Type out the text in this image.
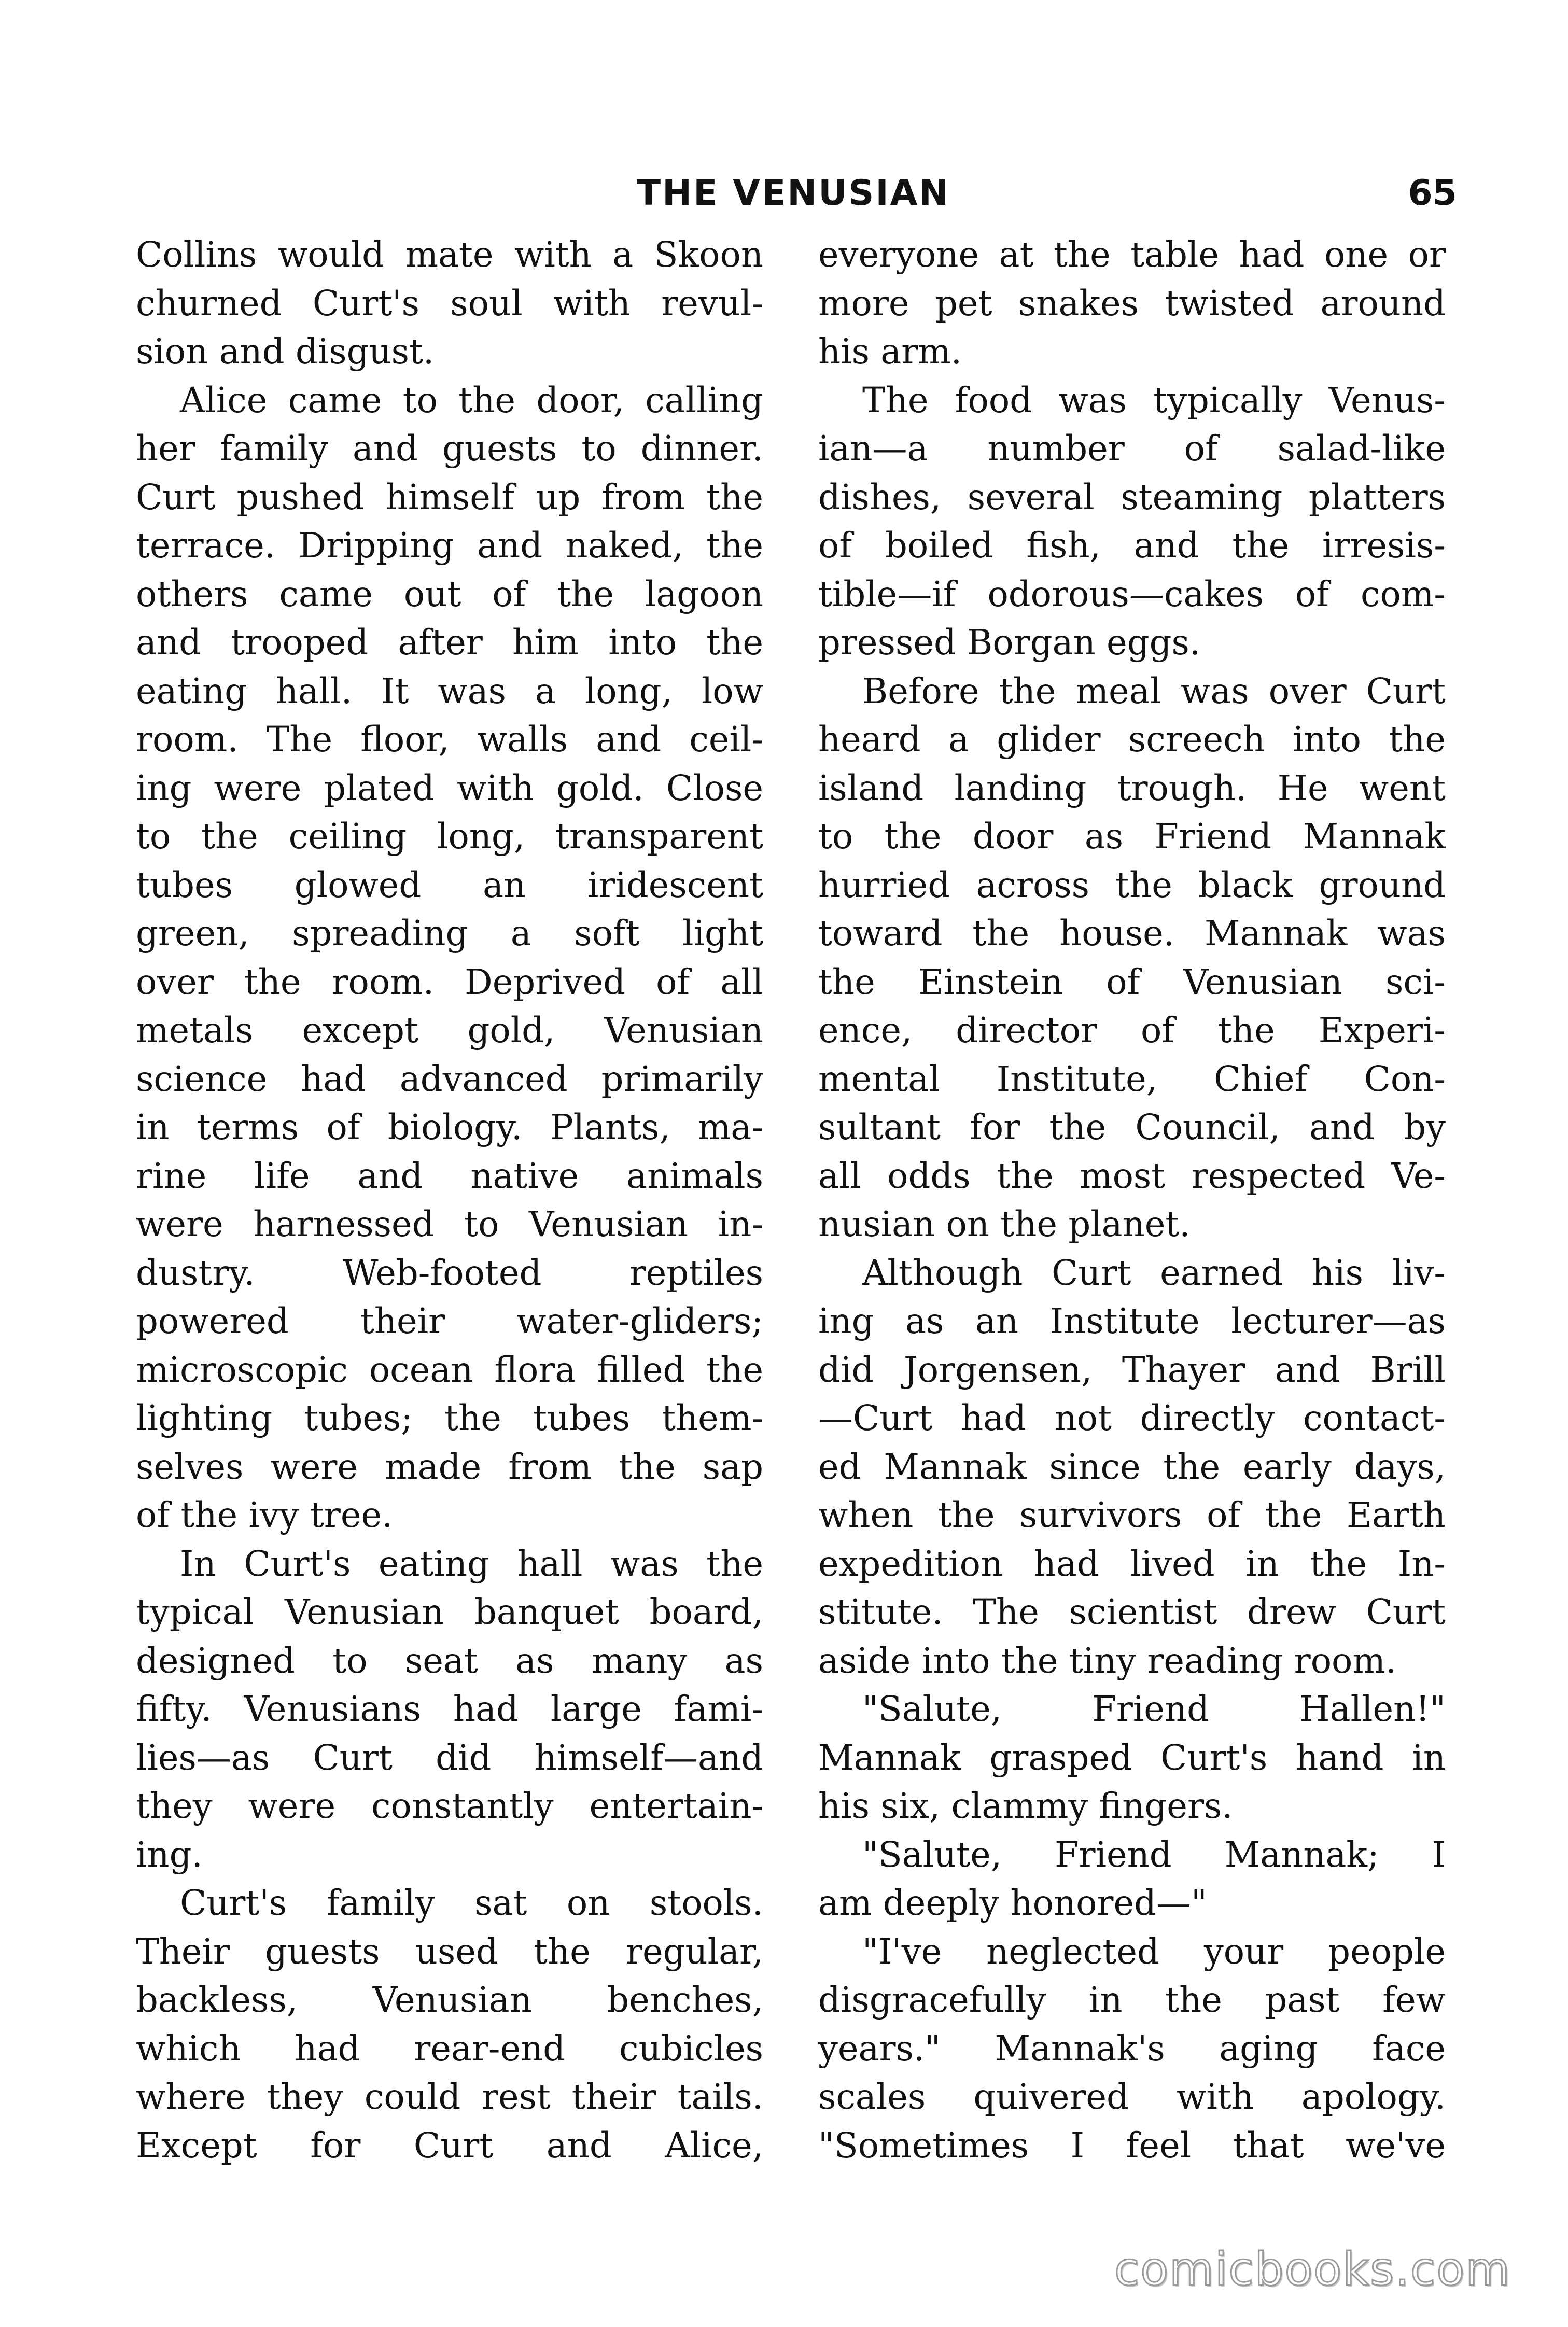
THE VENUSIAN	65
Collins would mate with a Skoon
churned Curt's soul with revul-
sion and disgust.
Alice came to the door, calling
her family and guests to dinner.
Curt pushed himself up from the
terrace. Dripping and naked, the
others came out of the lagoon
and trooped after him into the
eating hall. It was a long, low
room. The floor, walls and ceil-
ing were plated with gold. Close
to the ceiling long, transparent
tubes glowed an iridescent
green, spreading a soft light
over the room. Deprived of all
metals except gold, Venusian
science had advanced primarily
in terms of biology. Plants, ma-
rine life and native animals
were harnessed to Venusian in-
dustry. Web-footed reptiles
powered their water-gliders;
microscopic ocean flora filled the
lighting tubes; the tubes them-
selves were made from the sap
of the ivy tree.
In Curt's eating hall was the
typical Venusian banquet board,
designed to seat as many as
fifty. Venusians had large fami-
lies—as Curt did himself—and
they were constantly entertain-
ing.
Curt's family sat on stools.
Their guests used the regular,
backless, Venusian benches,
which had rear-end cubicles
where they could rest their tails.
Except for Curt and Alice,
everyone at the table had one or
more pet snakes twisted around
his arm.
The food was typically Venus-
ian—a number of salad-like
dishes, several steaming platters
of boiled fish, and the irresis-
tible—if odorous—cakes of com-
pressed Borgan eggs.
Before the meal was over Curt
heard a glider screech into the
island landing trough. He went
to the door as Friend Mannak
hurried across the black ground
toward the house. Mannak was
the Einstein of Venusian sci-
ence, director of the Experi-
mental Institute, Chief Con-
sultant for the Council, and by
all odds the most respected Ve-
nusian on the planet.
Although Curt earned his liv-
ing as an Institute lecturer—as
did Jorgensen, Thayer and Brill
—Curt had not directly contact-
ed Mannak since the early days,
when the survivors of the Earth
expedition had lived in the In-
stitute. The scientist drew Curt
aside into the tiny reading room.
"Salute, Friend Hallen!"
Mannak grasped Curt's hand in
his six, clammy fingers.
"Salute, Friend Mannak; I
am deeply honored—"
"I've neglected your people
disgracefully in the past few
years." Mannak's aging face
scales quivered with apology.
"Sometimes I feel that we've
comicbooks.com
